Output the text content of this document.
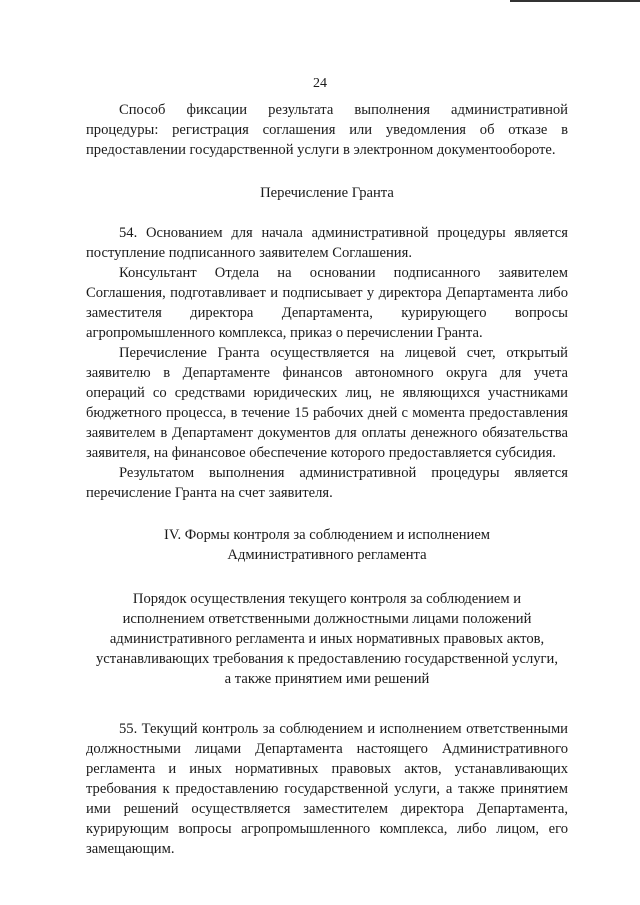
24

Способ фиксации результата выполнения административной процедуры: регистрация соглашения или уведомления об отказе в предоставлении государственной услуги в электронном документообороте.

Перечисление Гранта

54. Основанием для начала административной процедуры является поступление подписанного заявителем Соглашения.

Консультант Отдела на основании подписанного заявителем Соглашения, подготавливает и подписывает у директора Департамента либо заместителя директора Департамента, курирующего вопросы агропромышленного комплекса, приказ о перечислении Гранта.

Перечисление Гранта осуществляется на лицевой счет, открытый заявителю в Департаменте финансов автономного округа для учета операций со средствами юридических лиц, не являющихся участниками бюджетного процесса, в течение 15 рабочих дней с момента предоставления заявителем в Департамент документов для оплаты денежного обязательства заявителя, на финансовое обеспечение которого предоставляется субсидия.

Результатом выполнения административной процедуры является перечисление Гранта на счет заявителя.

IV. Формы контроля за соблюдением и исполнением
Административного регламента

Порядок осуществления текущего контроля за соблюдением и
исполнением ответственными должностными лицами положений
административного регламента и иных нормативных правовых актов,
устанавливающих требования к предоставлению государственной услуги,
а также принятием ими решений

55. Текущий контроль за соблюдением и исполнением ответственными должностными лицами Департамента настоящего Административного регламента и иных нормативных правовых актов, устанавливающих требования к предоставлению государственной услуги, а также принятием ими решений осуществляется заместителем директора Департамента, курирующим вопросы агропромышленного комплекса, либо лицом, его замещающим.
